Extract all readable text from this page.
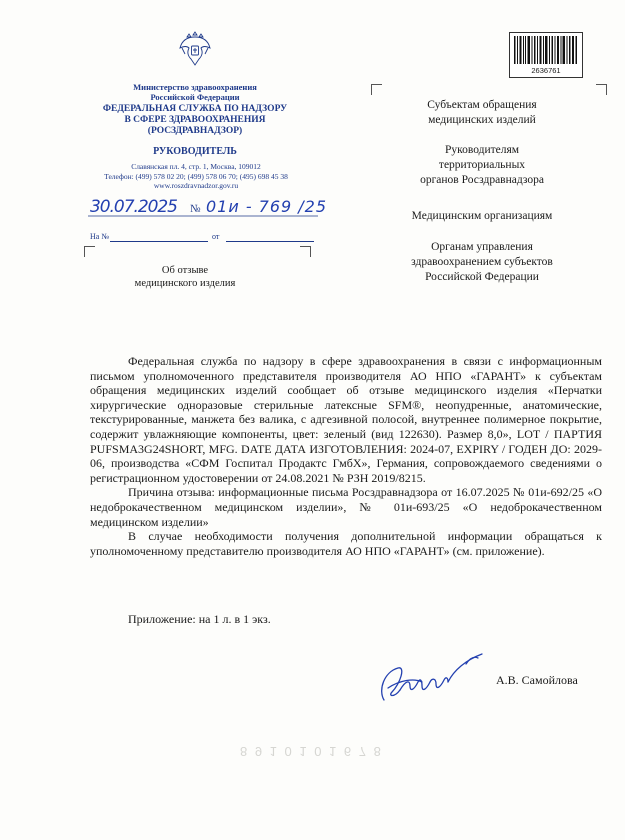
Министерство здравоохранения
Российской Федерации
ФЕДЕРАЛЬНАЯ СЛУЖБА ПО НАДЗОРУ
В СФЕРЕ ЗДРАВООХРАНЕНИЯ
(РОСЗДРАВНАДЗОР)
РУКОВОДИТЕЛЬ
Славянская пл. 4, стр. 1, Москва, 109012
Телефон: (499) 578 02 20; (499) 578 06 70; (495) 698 45 38
www.roszdravnadzor.gov.ru
30.07.2025 № 01и - 769 /25
На №	от
Об отзыве
медицинского изделия
2636761
Субъектам обращения
медицинских изделий
Руководителям
территориальных
органов Росздравнадзора
Медицинским организациям
Органам управления
здравоохранением субъектов
Российской Федерации

Федеральная служба по надзору в сфере здравоохранения в связи с информационным письмом уполномоченного представителя производителя АО НПО «ГАРАНТ» к субъектам обращения медицинских изделий сообщает об отзыве медицинского изделия «Перчатки хирургические одноразовые стерильные латексные SFM®, неопудренные, анатомические, текстурированные, манжета без валика, с адгезивной полосой, внутреннее полимерное покрытие, содержит увлажняющие компоненты, цвет: зеленый (вид 122630). Размер 8,0», LOT / ПАРТИЯ PUFSMA3G24SHORT, MFG. DATE ДАТА ИЗГОТОВЛЕНИЯ: 2024-07, EXPIRY / ГОДЕН ДО: 2029-06, производства «СФМ Госпитал Продактс ГмбХ», Германия, сопровождаемого сведениями о регистрационном удостоверении от 24.08.2021 № РЗН 2019/8215.

Причина отзыва: информационные письма Росздравнадзора от 16.07.2025 № 01и-692/25 «О недоброкачественном медицинском изделии», № 01и-693/25 «О недоброкачественном медицинском изделии»

В случае необходимости получения дополнительной информации обращаться к уполномоченному представителю производителя АО НПО «ГАРАНТ» (см. приложение).

Приложение: на 1 л. в 1 экз.
А.В. Самойлова
8 9 1 0 1 0 1 6 7 8
